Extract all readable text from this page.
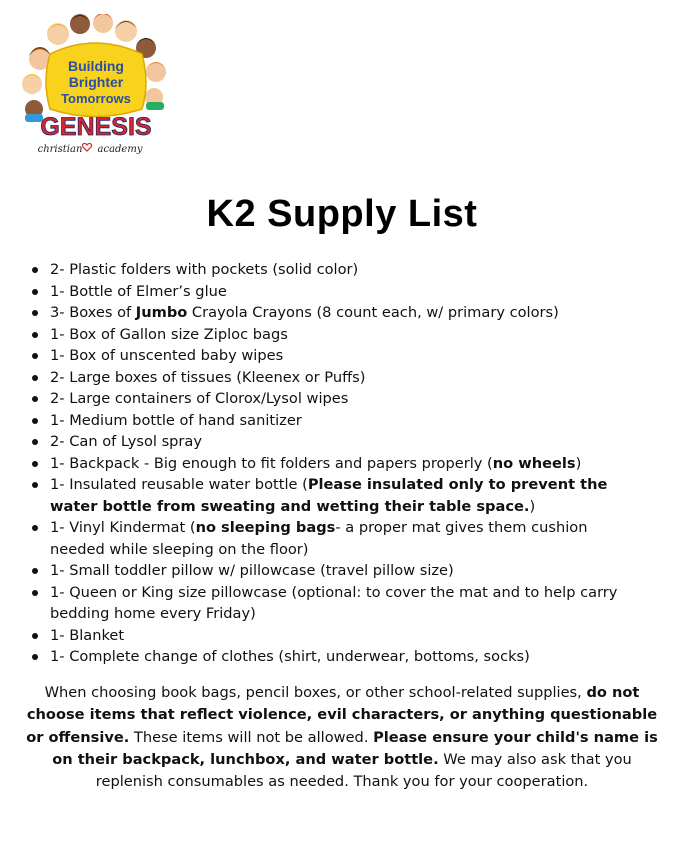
Building
Brighter
Tomorrows
GENESIS
christian academy
K2 Supply List
2- Plastic folders with pockets (solid color)
1- Bottle of Elmer’s glue
3- Boxes of Jumbo Crayola Crayons (8 count each, w/ primary colors)
1- Box of Gallon size Ziploc bags
1- Box of unscented baby wipes
2- Large boxes of tissues (Kleenex or Puffs)
2- Large containers of Clorox/Lysol wipes
1- Medium bottle of hand sanitizer
2- Can of Lysol spray
1- Backpack - Big enough to fit folders and papers properly (no wheels)
1- Insulated reusable water bottle (Please insulated only to prevent the water bottle from sweating and wetting their table space.)
1- Vinyl Kindermat (no sleeping bags- a proper mat gives them cushion needed while sleeping on the floor)
1- Small toddler pillow w/ pillowcase (travel pillow size)
1- Queen or King size pillowcase (optional: to cover the mat and to help carry bedding home every Friday)
1- Blanket
1- Complete change of clothes (shirt, underwear, bottoms, socks)
When choosing book bags, pencil boxes, or other school-related supplies, do not choose items that reflect violence, evil characters, or anything questionable or offensive. These items will not be allowed. Please ensure your child's name is on their backpack, lunchbox, and water bottle. We may also ask that you replenish consumables as needed. Thank you for your cooperation.
